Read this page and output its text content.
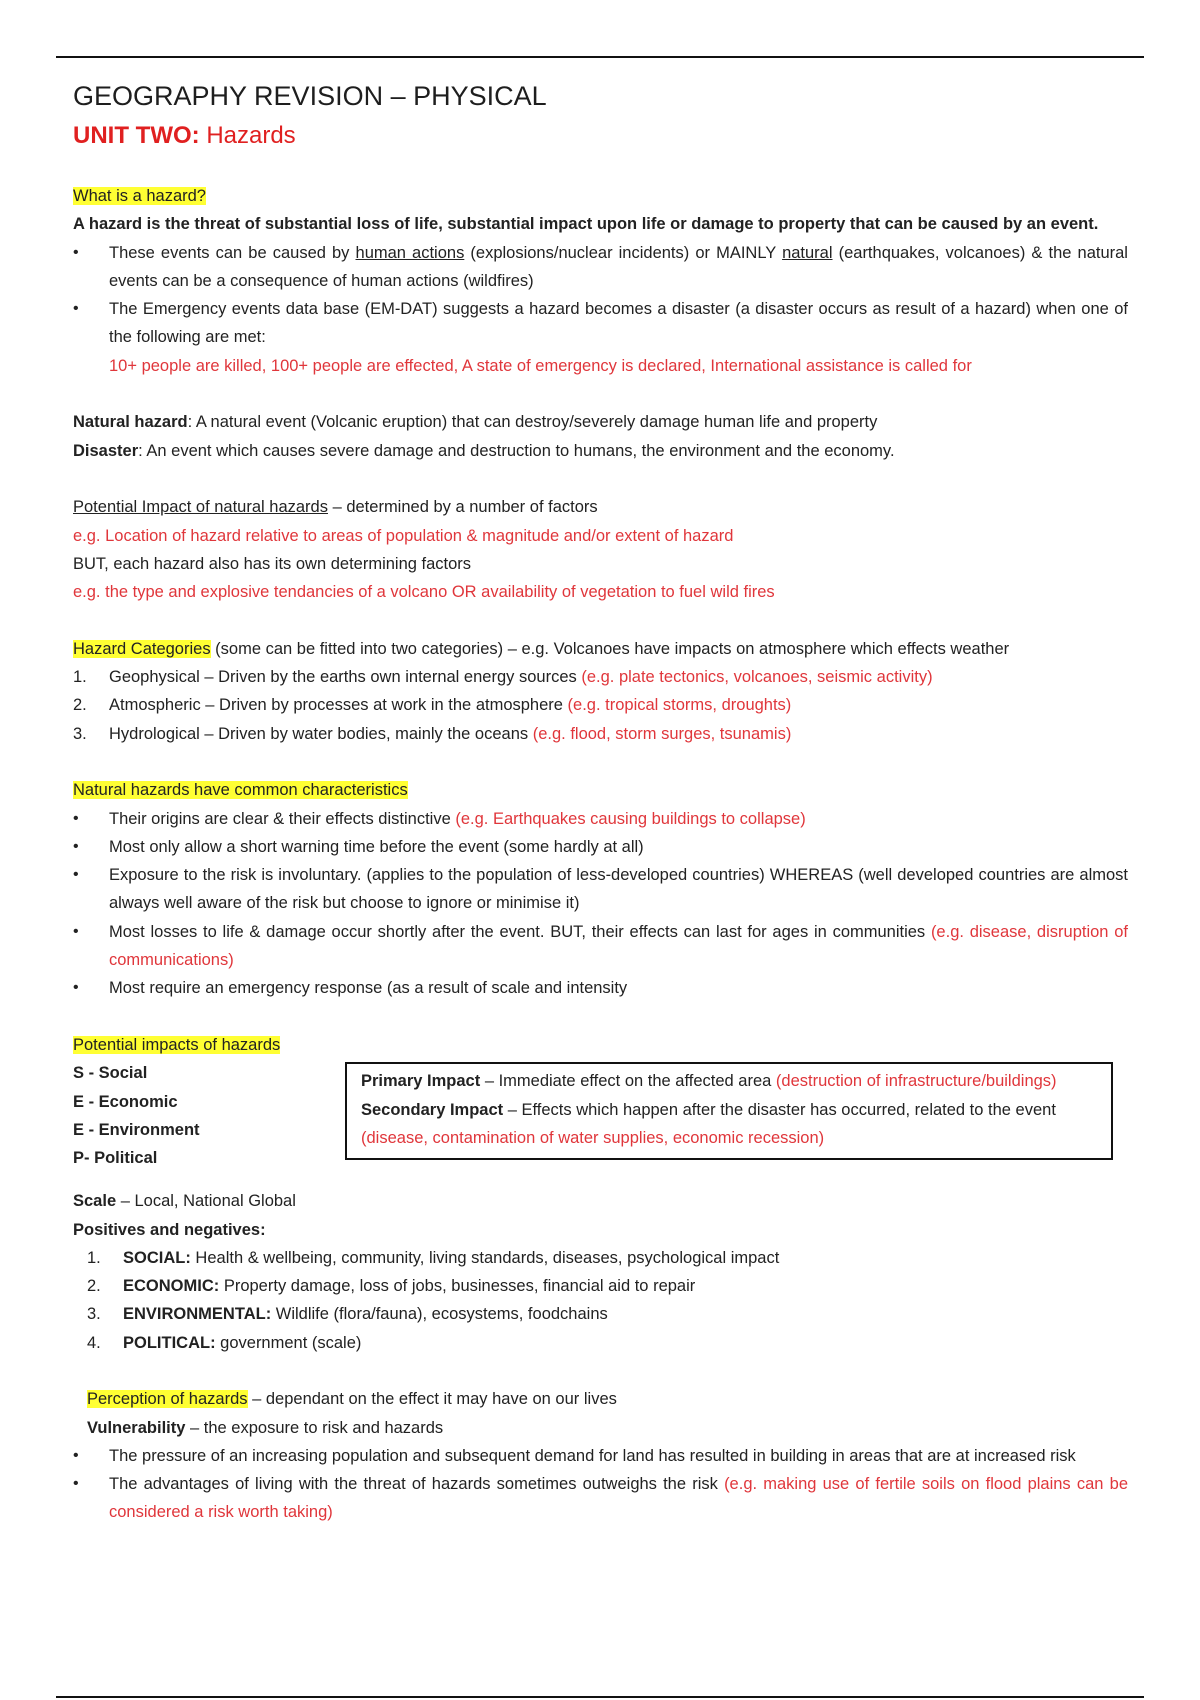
GEOGRAPHY REVISION – PHYSICAL

UNIT TWO: Hazards

What is a hazard?

A hazard is the threat of substantial loss of life, substantial impact upon life or damage to property that can be caused by an event.

• These events can be caused by human actions (explosions/nuclear incidents) or MAINLY natural (earthquakes, volcanoes) & the natural events can be a consequence of human actions (wildfires)
• The Emergency events data base (EM-DAT) suggests a hazard becomes a disaster (a disaster occurs as result of a hazard) when one of the following are met:

10+ people are killed, 100+ people are effected, A state of emergency is declared, International assistance is called for

Natural hazard: A natural event (Volcanic eruption) that can destroy/severely damage human life and property

Disaster: An event which causes severe damage and destruction to humans, the environment and the economy.

Potential Impact of natural hazards – determined by a number of factors

e.g. Location of hazard relative to areas of population & magnitude and/or extent of hazard

BUT, each hazard also has its own determining factors

e.g. the type and explosive tendancies of a volcano OR availability of vegetation to fuel wild fires

Hazard Categories (some can be fitted into two categories) – e.g. Volcanoes have impacts on atmosphere which effects weather

1. Geophysical – Driven by the earths own internal energy sources (e.g. plate tectonics, volcanoes, seismic activity)
2. Atmospheric – Driven by processes at work in the atmosphere (e.g. tropical storms, droughts)
3. Hydrological – Driven by water bodies, mainly the oceans (e.g. flood, storm surges, tsunamis)

Natural hazards have common characteristics

• Their origins are clear & their effects distinctive (e.g. Earthquakes causing buildings to collapse)
• Most only allow a short warning time before the event (some hardly at all)
• Exposure to the risk is involuntary. (applies to the population of less-developed countries) WHEREAS (well developed countries are almost always well aware of the risk but choose to ignore or minimise it)
• Most losses to life & damage occur shortly after the event. BUT, their effects can last for ages in communities (e.g. disease, disruption of communications)
• Most require an emergency response (as a result of scale and intensity

Potential impacts of hazards

S - Social
E - Economic
E - Environment
P- Political

Primary Impact – Immediate effect on the affected area (destruction of infrastructure/buildings)

Secondary Impact – Effects which happen after the disaster has occurred, related to the event (disease, contamination of water supplies, economic recession)

Scale – Local, National Global

Positives and negatives:

1. SOCIAL: Health & wellbeing, community, living standards, diseases, psychological impact
2. ECONOMIC: Property damage, loss of jobs, businesses, financial aid to repair
3. ENVIRONMENTAL: Wildlife (flora/fauna), ecosystems, foodchains
4. POLITICAL: government (scale)

Perception of hazards – dependant on the effect it may have on our lives

Vulnerability – the exposure to risk and hazards

• The pressure of an increasing population and subsequent demand for land has resulted in building in areas that are at increased risk
• The advantages of living with the threat of hazards sometimes outweighs the risk (e.g. making use of fertile soils on flood plains can be considered a risk worth taking)
